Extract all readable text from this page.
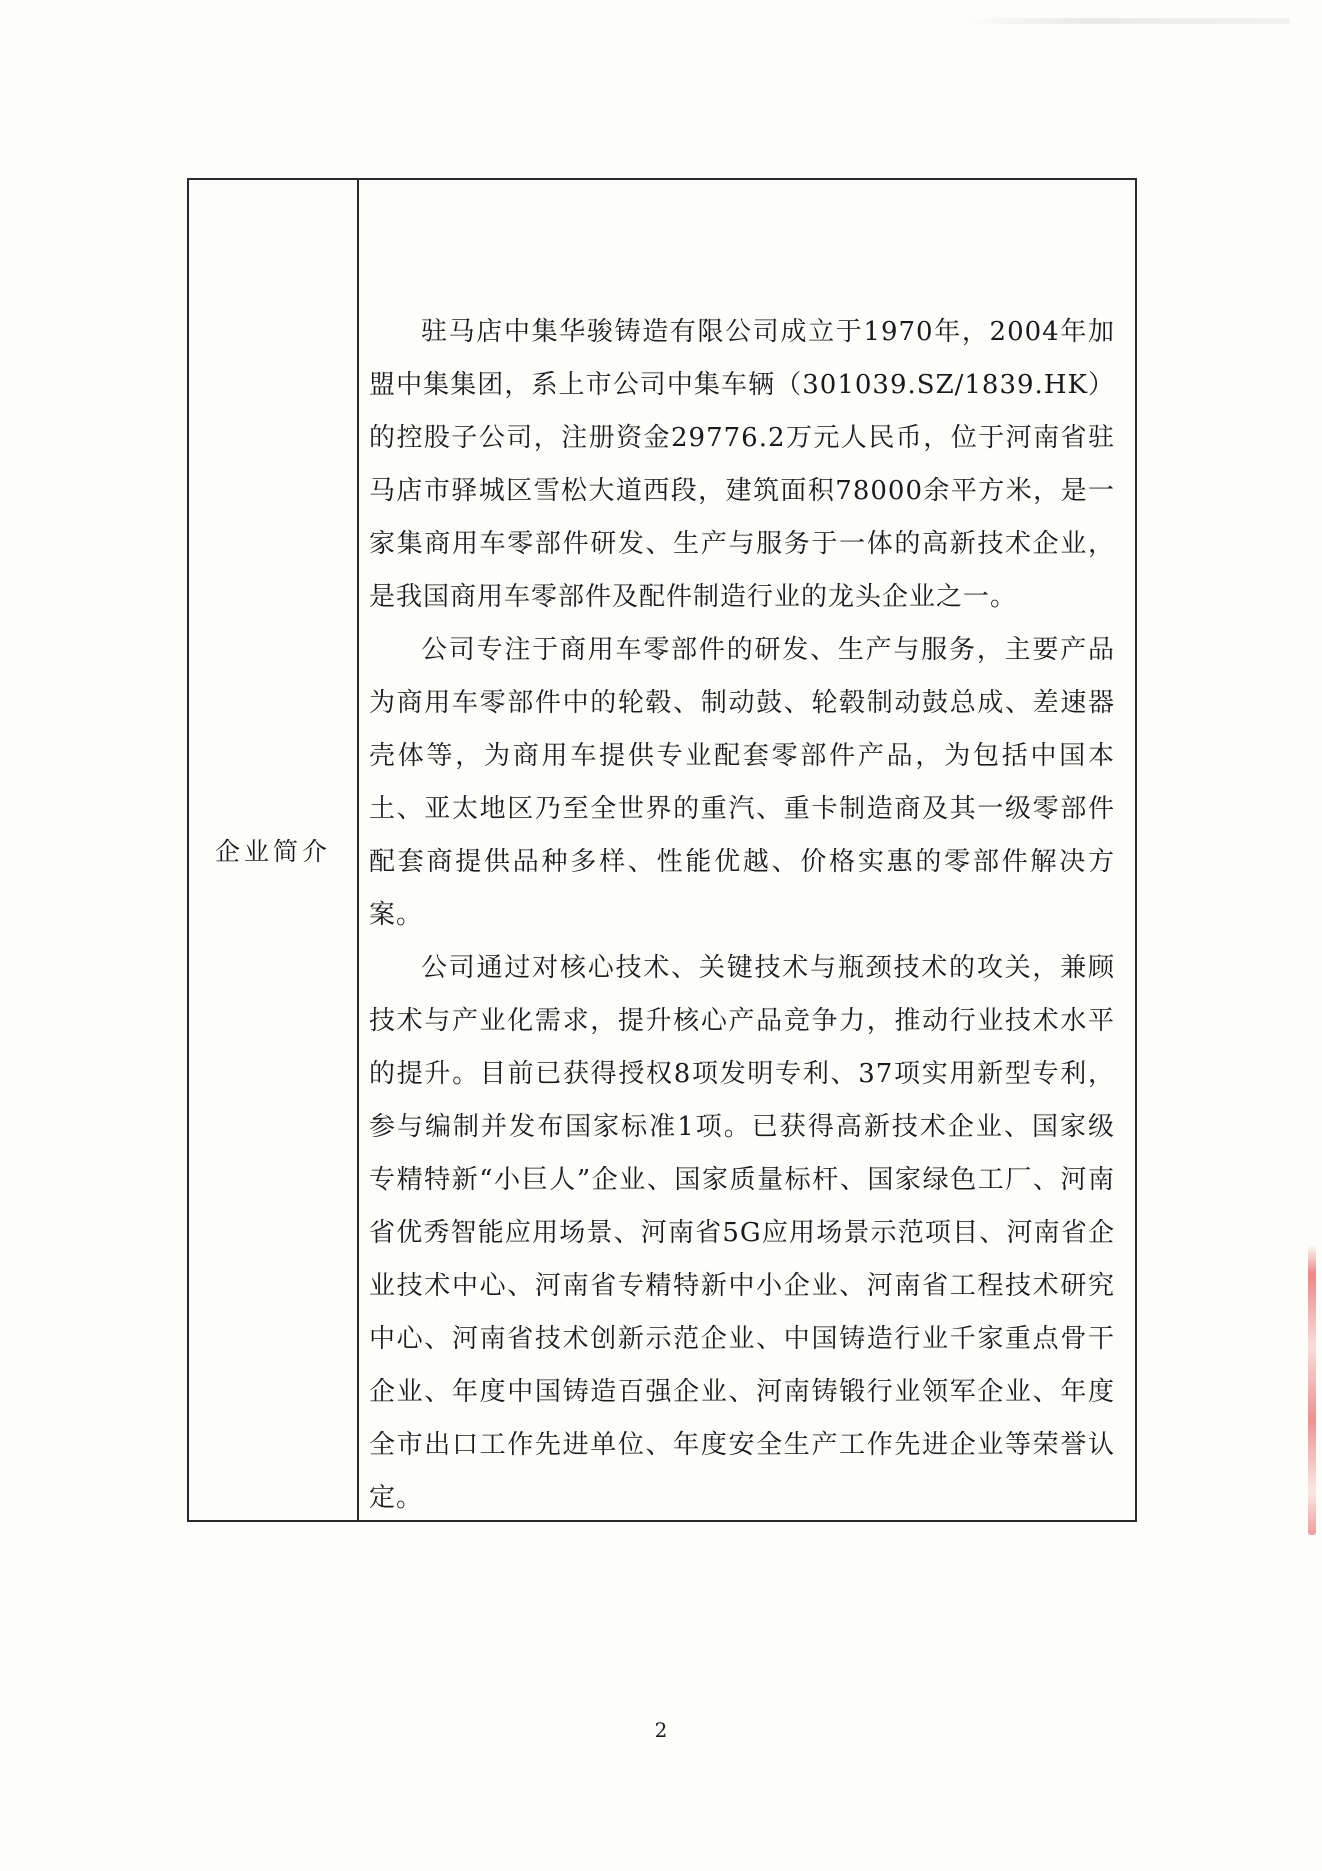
企业简介

驻马店中集华骏铸造有限公司成立于1970年，2004年加盟中集集团，系上市公司中集车辆（301039.SZ/1839.HK）的控股子公司，注册资金29776.2万元人民币，位于河南省驻马店市驿城区雪松大道西段，建筑面积78000余平方米，是一家集商用车零部件研发、生产与服务于一体的高新技术企业，是我国商用车零部件及配件制造行业的龙头企业之一。

公司专注于商用车零部件的研发、生产与服务，主要产品为商用车零部件中的轮毂、制动鼓、轮毂制动鼓总成、差速器壳体等，为商用车提供专业配套零部件产品，为包括中国本土、亚太地区乃至全世界的重汽、重卡制造商及其一级零部件配套商提供品种多样、性能优越、价格实惠的零部件解决方案。

公司通过对核心技术、关键技术与瓶颈技术的攻关，兼顾技术与产业化需求，提升核心产品竞争力，推动行业技术水平的提升。目前已获得授权8项发明专利、37项实用新型专利，参与编制并发布国家标准1项。已获得高新技术企业、国家级专精特新“小巨人”企业、国家质量标杆、国家绿色工厂、河南省优秀智能应用场景、河南省5G应用场景示范项目、河南省企业技术中心、河南省专精特新中小企业、河南省工程技术研究中心、河南省技术创新示范企业、中国铸造行业千家重点骨干企业、年度中国铸造百强企业、河南铸锻行业领军企业、年度全市出口工作先进单位、年度安全生产工作先进企业等荣誉认定。

2
